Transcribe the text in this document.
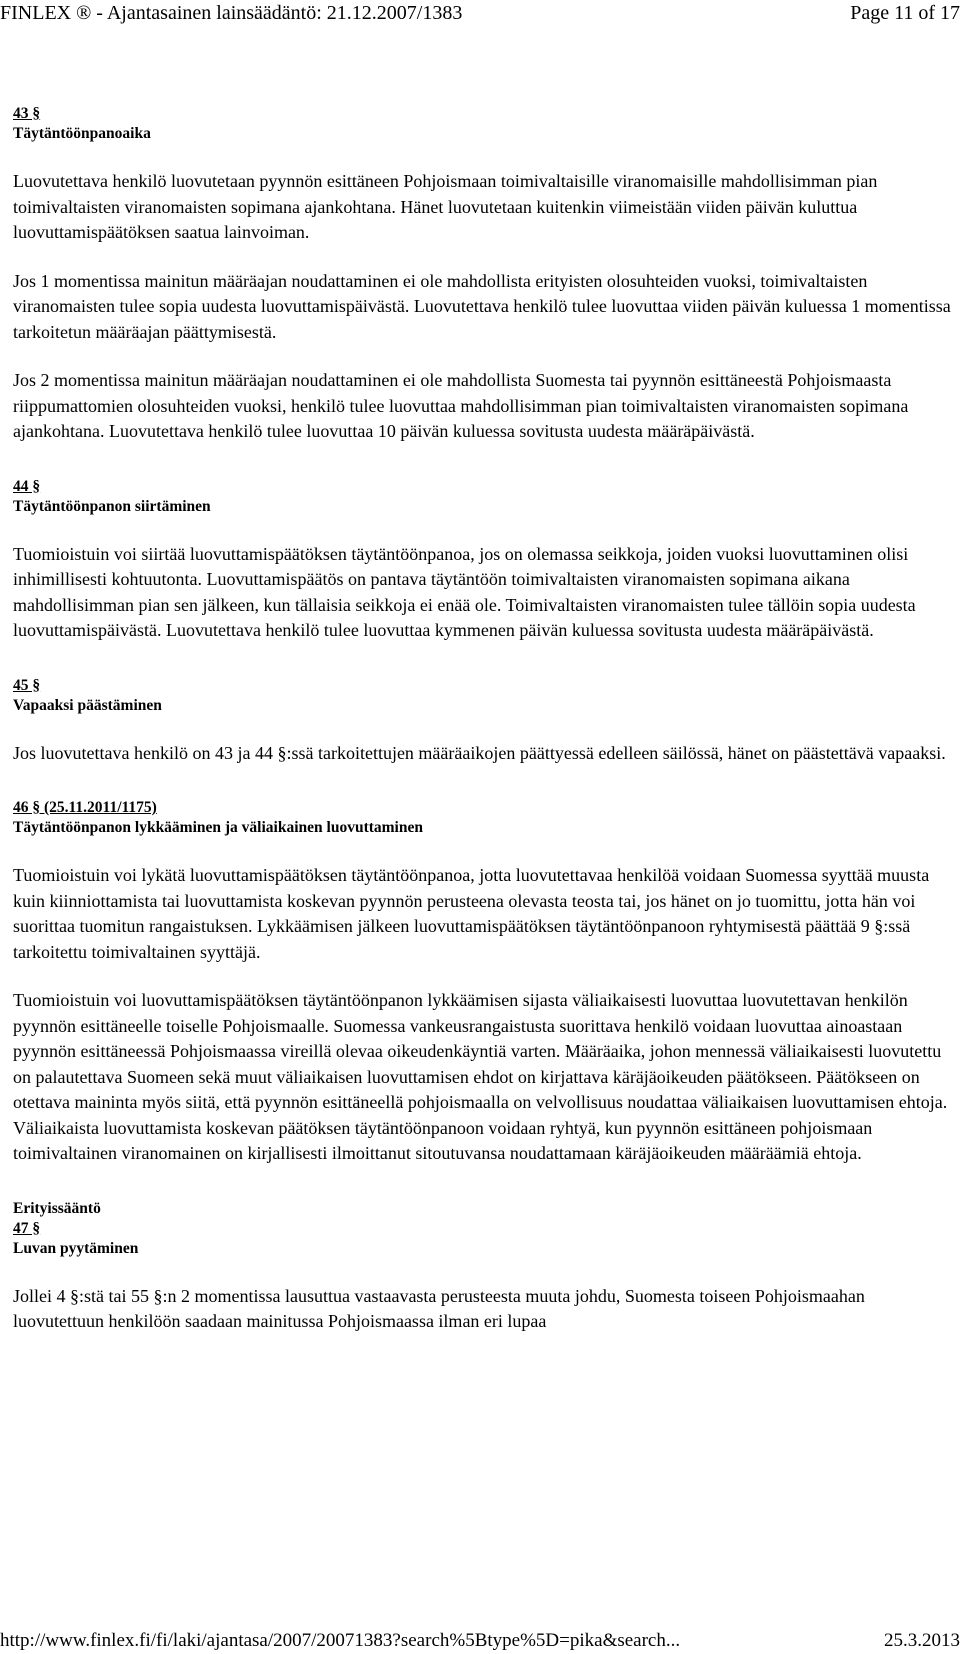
FINLEX ® - Ajantasainen lainsäädäntö: 21.12.2007/1383	Page 11 of 17
43 §
Täytäntöönpanoaika

Luovutettava henkilö luovutetaan pyynnön esittäneen Pohjoismaan toimivaltaisille viranomaisille mahdollisimman pian toimivaltaisten viranomaisten sopimana ajankohtana. Hänet luovutetaan kuitenkin viimeistään viiden päivän kuluttua luovuttamispäätöksen saatua lainvoiman.

Jos 1 momentissa mainitun määräajan noudattaminen ei ole mahdollista erityisten olosuhteiden vuoksi, toimivaltaisten viranomaisten tulee sopia uudesta luovuttamispäivästä. Luovutettava henkilö tulee luovuttaa viiden päivän kuluessa 1 momentissa tarkoitetun määräajan päättymisestä.

Jos 2 momentissa mainitun määräajan noudattaminen ei ole mahdollista Suomesta tai pyynnön esittäneestä Pohjoismaasta riippumattomien olosuhteiden vuoksi, henkilö tulee luovuttaa mahdollisimman pian toimivaltaisten viranomaisten sopimana ajankohtana. Luovutettava henkilö tulee luovuttaa 10 päivän kuluessa sovitusta uudesta määräpäivästä.

44 §
Täytäntöönpanon siirtäminen

Tuomioistuin voi siirtää luovuttamispäätöksen täytäntöönpanoa, jos on olemassa seikkoja, joiden vuoksi luovuttaminen olisi inhimillisesti kohtuutonta. Luovuttamispäätös on pantava täytäntöön toimivaltaisten viranomaisten sopimana aikana mahdollisimman pian sen jälkeen, kun tällaisia seikkoja ei enää ole. Toimivaltaisten viranomaisten tulee tällöin sopia uudesta luovuttamispäivästä. Luovutettava henkilö tulee luovuttaa kymmenen päivän kuluessa sovitusta uudesta määräpäivästä.

45 §
Vapaaksi päästäminen

Jos luovutettava henkilö on 43 ja 44 §:ssä tarkoitettujen määräaikojen päättyessä edelleen säilössä, hänet on päästettävä vapaaksi.

46 § (25.11.2011/1175)
Täytäntöönpanon lykkääminen ja väliaikainen luovuttaminen

Tuomioistuin voi lykätä luovuttamispäätöksen täytäntöönpanoa, jotta luovutettavaa henkilöä voidaan Suomessa syyttää muusta kuin kiinniottamista tai luovuttamista koskevan pyynnön perusteena olevasta teosta tai, jos hänet on jo tuomittu, jotta hän voi suorittaa tuomitun rangaistuksen. Lykkäämisen jälkeen luovuttamispäätöksen täytäntöönpanoon ryhtymisestä päättää 9 §:ssä tarkoitettu toimivaltainen syyttäjä.

Tuomioistuin voi luovuttamispäätöksen täytäntöönpanon lykkäämisen sijasta väliaikaisesti luovuttaa luovutettavan henkilön pyynnön esittäneelle toiselle Pohjoismaalle. Suomessa vankeusrangaistusta suorittava henkilö voidaan luovuttaa ainoastaan pyynnön esittäneessä Pohjoismaassa vireillä olevaa oikeudenkäyntiä varten. Määräaika, johon mennessä väliaikaisesti luovutettu on palautettava Suomeen sekä muut väliaikaisen luovuttamisen ehdot on kirjattava käräjäoikeuden päätökseen. Päätökseen on otettava maininta myös siitä, että pyynnön esittäneellä pohjoismaalla on velvollisuus noudattaa väliaikaisen luovuttamisen ehtoja. Väliaikaista luovuttamista koskevan päätöksen täytäntöönpanoon voidaan ryhtyä, kun pyynnön esittäneen pohjoismaan toimivaltainen viranomainen on kirjallisesti ilmoittanut sitoutuvansa noudattamaan käräjäoikeuden määräämiä ehtoja.

Erityissääntö
47 §
Luvan pyytäminen

Jollei 4 §:stä tai 55 §:n 2 momentissa lausuttua vastaavasta perusteesta muuta johdu, Suomesta toiseen Pohjoismaahan luovutettuun henkilöön saadaan mainitussa Pohjoismaassa ilman eri lupaa

http://www.finlex.fi/fi/laki/ajantasa/2007/20071383?search%5Btype%5D=pika&search...	25.3.2013
